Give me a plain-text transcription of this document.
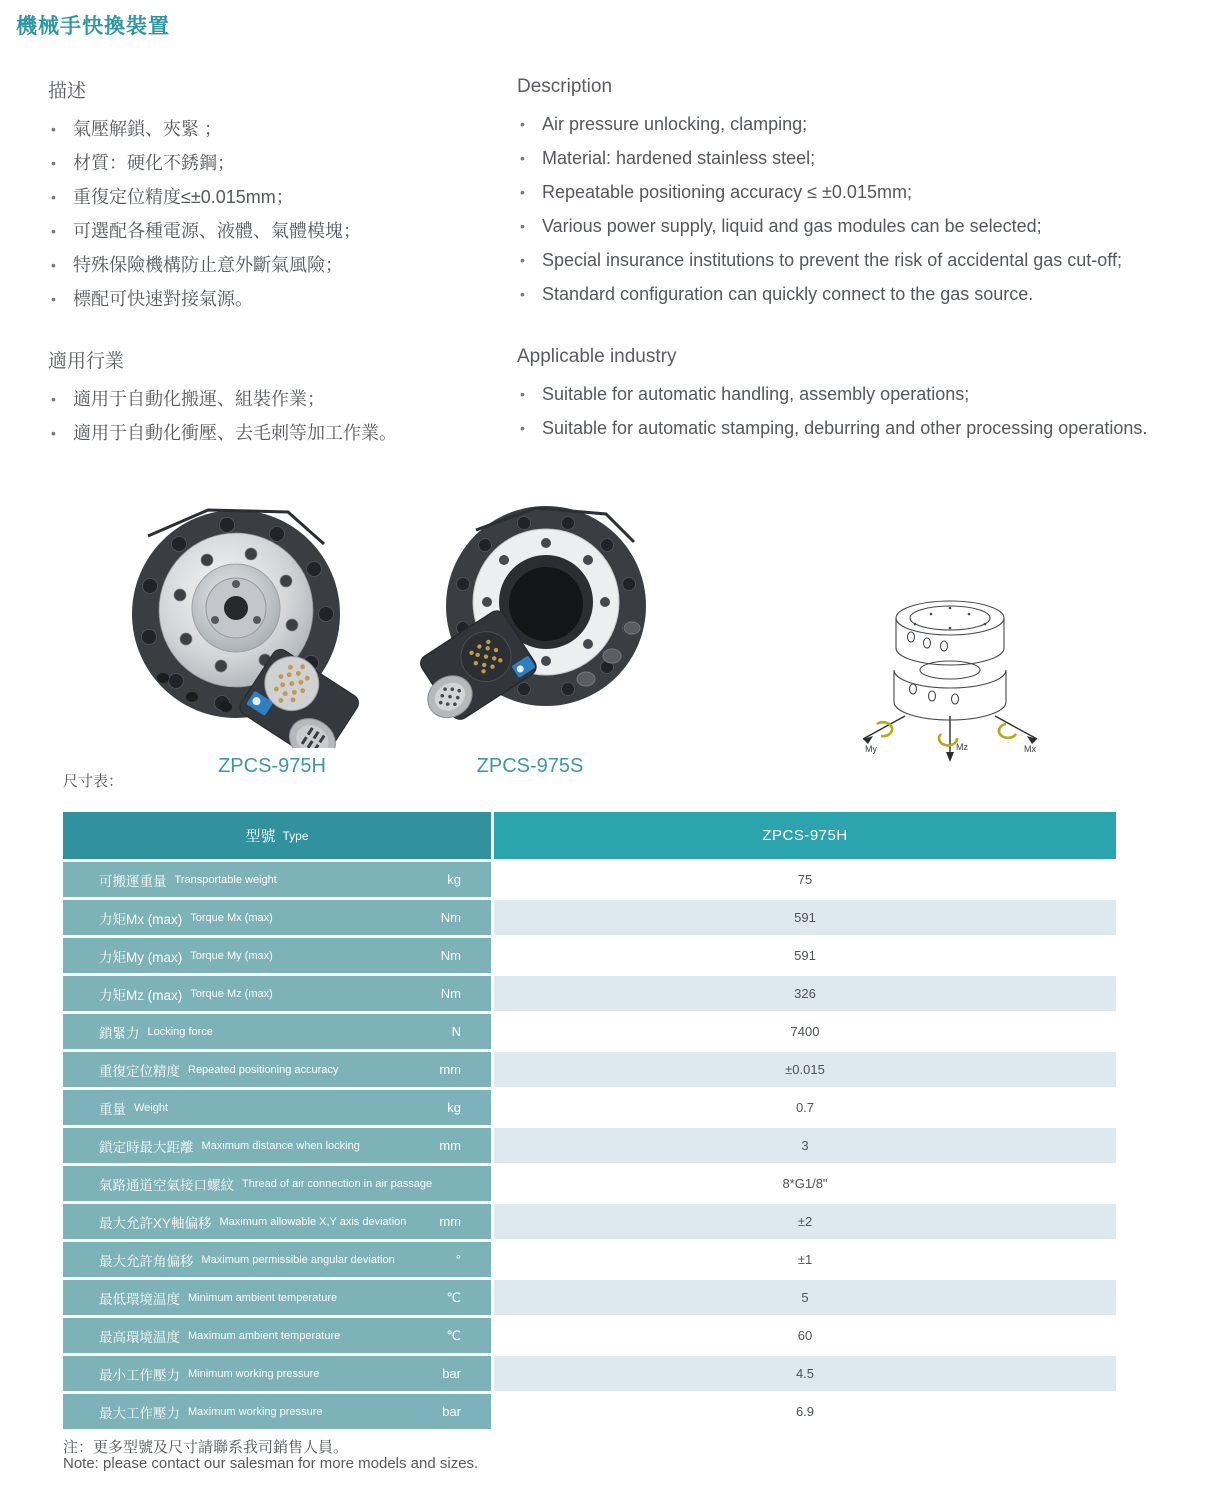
機械手快換裝置
描述
• 氣壓解鎖、夾緊 ；
• 材質：硬化不銹鋼；
• 重復定位精度≤±0.015mm；
• 可選配各種電源、液體、氣體模塊；
• 特殊保險機構防止意外斷氣風險；
• 標配可快速對接氣源。
Description
• Air pressure unlocking, clamping;
• Material: hardened stainless steel;
• Repeatable positioning accuracy ≤ ±0.015mm;
• Various power supply, liquid and gas modules can be selected;
• Special insurance institutions to prevent the risk of accidental gas cut-off;
• Standard configuration can quickly connect to the gas source.
適用行業
• 適用于自動化搬運、組裝作業；
• 適用于自動化衝壓、去毛刺等加工作業。
Applicable industry
• Suitable for automatic handling, assembly operations;
• Suitable for automatic stamping, deburring and other processing operations.
My	Mz	Mx
ZPCS-975H	ZPCS-975S
尺寸表：
型號 Type	ZPCS-975H
可搬運重量 Transportable weight	kg	75
力矩Mx (max) Torque Mx (max)	Nm	591
力矩My (max) Torque My (max)	Nm	591
力矩Mz (max) Torque Mz (max)	Nm	326
鎖緊力 Locking force	N	7400
重復定位精度 Repeated positioning accuracy	mm	±0.015
重量 Weight	kg	0.7
鎖定時最大距離 Maximum distance when locking	mm	3
氣路通道空氣接口螺紋 Thread of air connection in air passage	8*G1/8"
最大允許XY軸偏移 Maximum allowable X,Y axis deviation	mm	±2
最大允許角偏移 Maximum permissible angular deviation	°	±1
最低環境温度 Minimum ambient temperature	℃	5
最高環境温度 Maximum ambient temperature	℃	60
最小工作壓力 Minimum working pressure	bar	4.5
最大工作壓力 Maximum working pressure	bar	6.9
注：更多型號及尺寸請聯系我司銷售人員。
Note: please contact our salesman for more models and sizes.
